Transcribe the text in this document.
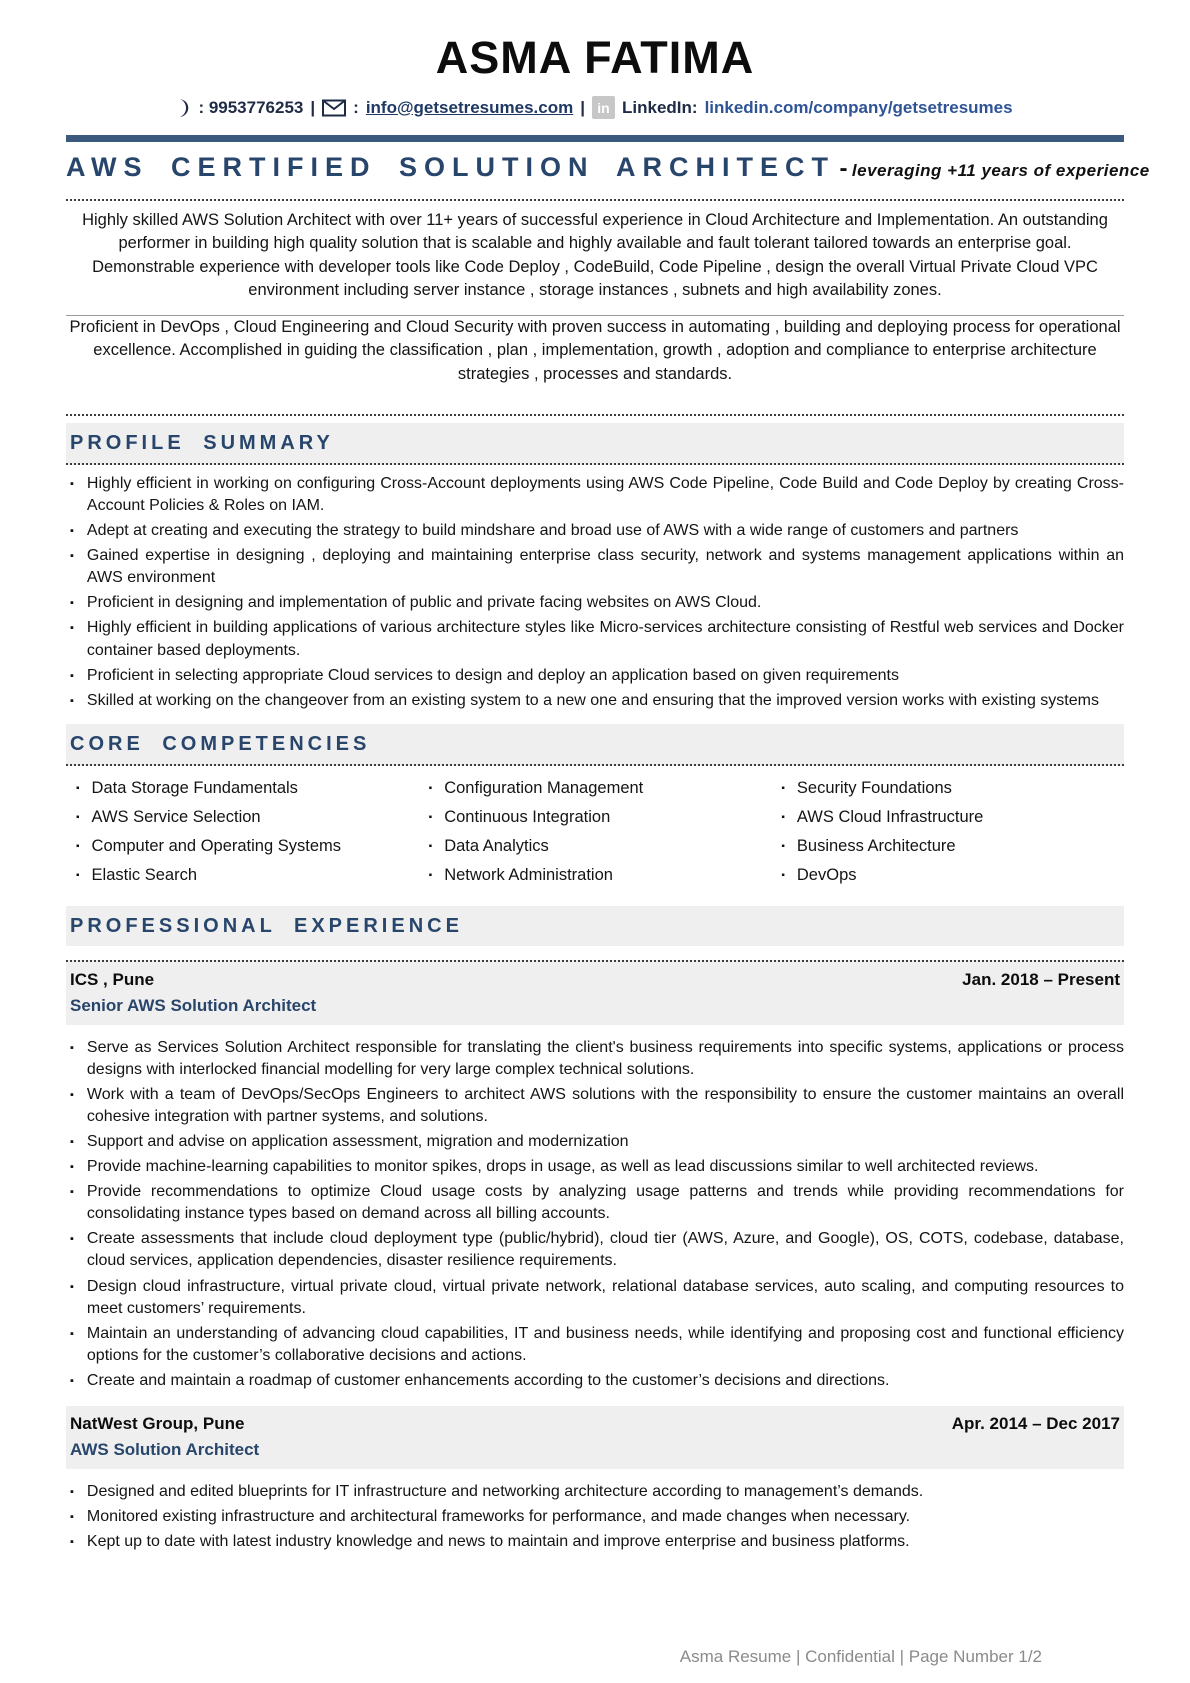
ASMA FATIMA
: 9953776253 | : info@getsetresumes.com | in LinkedIn: linkedin.com/company/getsetresumes
AWS CERTIFIED SOLUTION ARCHITECT - leveraging +11 years of experience

Highly skilled AWS Solution Architect with over 11+ years of successful experience in Cloud Architecture and Implementation. An outstanding performer in building high quality solution that is scalable and highly available and fault tolerant tailored towards an enterprise goal. Demonstrable experience with developer tools like Code Deploy , CodeBuild, Code Pipeline , design the overall Virtual Private Cloud VPC environment including server instance , storage instances , subnets and high availability zones.

Proficient in DevOps , Cloud Engineering and Cloud Security with proven success in automating , building and deploying process for operational excellence. Accomplished in guiding the classification , plan , implementation, growth , adoption and compliance to enterprise architecture strategies , processes and standards.

PROFILE SUMMARY
▪ Highly efficient in working on configuring Cross-Account deployments using AWS Code Pipeline, Code Build and Code Deploy by creating Cross-Account Policies & Roles on IAM.
▪ Adept at creating and executing the strategy to build mindshare and broad use of AWS with a wide range of customers and partners
▪ Gained expertise in designing , deploying and maintaining enterprise class security, network and systems management applications within an AWS environment
▪ Proficient in designing and implementation of public and private facing websites on AWS Cloud.
▪ Highly efficient in building applications of various architecture styles like Micro-services architecture consisting of Restful web services and Docker container based deployments.
▪ Proficient in selecting appropriate Cloud services to design and deploy an application based on given requirements
▪ Skilled at working on the changeover from an existing system to a new one and ensuring that the improved version works with existing systems
CORE COMPETENCIES
▪ Data Storage Fundamentals
▪ AWS Service Selection
▪ Computer and Operating Systems
▪ Elastic Search
▪ Configuration Management
▪ Continuous Integration
▪ Data Analytics
▪ Network Administration
▪ Security Foundations
▪ AWS Cloud Infrastructure
▪ Business Architecture
▪ DevOps
PROFESSIONAL EXPERIENCE
ICS , Pune	Jan. 2018 – Present
Senior AWS Solution Architect
▪ Serve as Services Solution Architect responsible for translating the client's business requirements into specific systems, applications or process designs with interlocked financial modelling for very large complex technical solutions.
▪ Work with a team of DevOps/SecOps Engineers to architect AWS solutions with the responsibility to ensure the customer maintains an overall cohesive integration with partner systems, and solutions.
▪ Support and advise on application assessment, migration and modernization
▪ Provide machine-learning capabilities to monitor spikes, drops in usage, as well as lead discussions similar to well architected reviews.
▪ Provide recommendations to optimize Cloud usage costs by analyzing usage patterns and trends while providing recommendations for consolidating instance types based on demand across all billing accounts.
▪ Create assessments that include cloud deployment type (public/hybrid), cloud tier (AWS, Azure, and Google), OS, COTS, codebase, database, cloud services, application dependencies, disaster resilience requirements.
▪ Design cloud infrastructure, virtual private cloud, virtual private network, relational database services, auto scaling, and computing resources to meet customers’ requirements.
▪ Maintain an understanding of advancing cloud capabilities, IT and business needs, while identifying and proposing cost and functional efficiency options for the customer’s collaborative decisions and actions.
▪ Create and maintain a roadmap of customer enhancements according to the customer’s decisions and directions.
NatWest Group, Pune	Apr. 2014 – Dec 2017
AWS Solution Architect
▪ Designed and edited blueprints for IT infrastructure and networking architecture according to management’s demands.
▪ Monitored existing infrastructure and architectural frameworks for performance, and made changes when necessary.
▪ Kept up to date with latest industry knowledge and news to maintain and improve enterprise and business platforms.
Asma Resume | Confidential | Page Number 1/2
